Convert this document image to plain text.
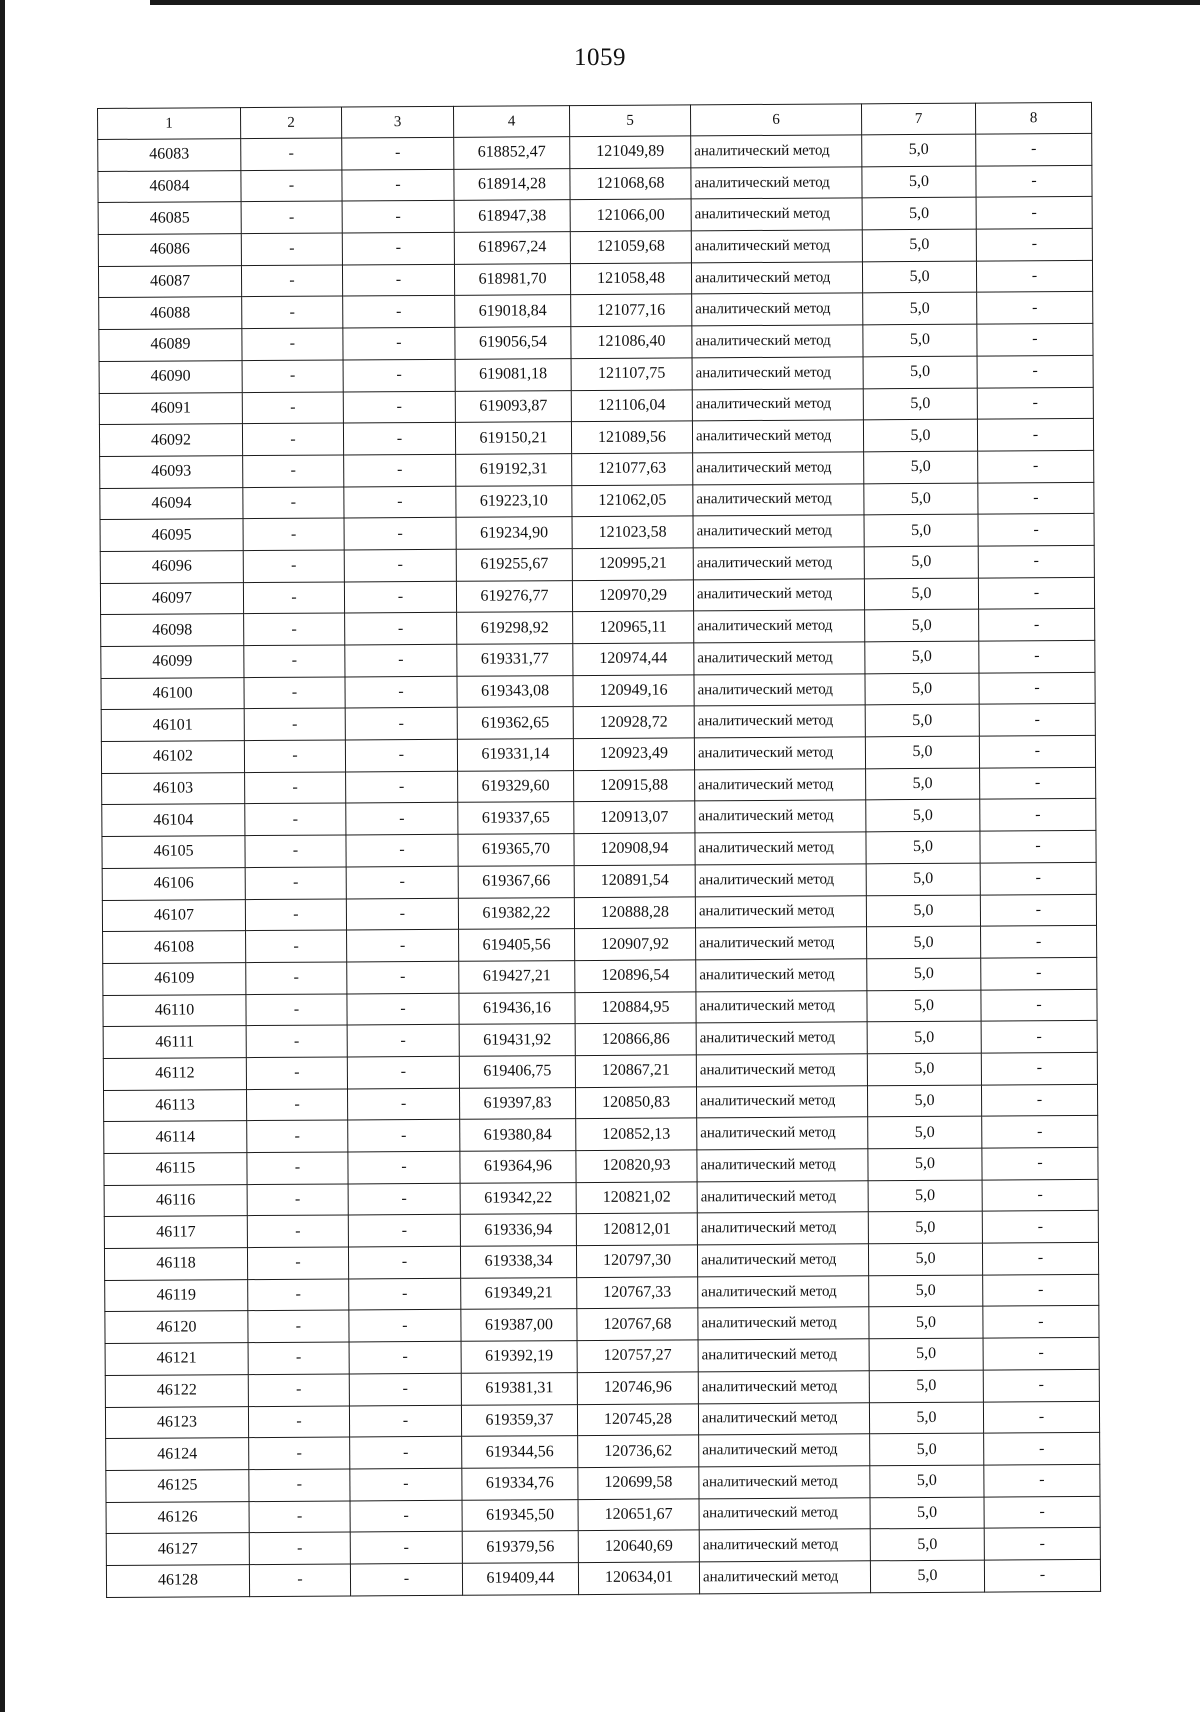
1059
1	2	3	4	5	6	7	8
46083	-	-	618852,47	121049,89	аналитический метод	5,0	-
46084	-	-	618914,28	121068,68	аналитический метод	5,0	-
46085	-	-	618947,38	121066,00	аналитический метод	5,0	-
46086	-	-	618967,24	121059,68	аналитический метод	5,0	-
46087	-	-	618981,70	121058,48	аналитический метод	5,0	-
46088	-	-	619018,84	121077,16	аналитический метод	5,0	-
46089	-	-	619056,54	121086,40	аналитический метод	5,0	-
46090	-	-	619081,18	121107,75	аналитический метод	5,0	-
46091	-	-	619093,87	121106,04	аналитический метод	5,0	-
46092	-	-	619150,21	121089,56	аналитический метод	5,0	-
46093	-	-	619192,31	121077,63	аналитический метод	5,0	-
46094	-	-	619223,10	121062,05	аналитический метод	5,0	-
46095	-	-	619234,90	121023,58	аналитический метод	5,0	-
46096	-	-	619255,67	120995,21	аналитический метод	5,0	-
46097	-	-	619276,77	120970,29	аналитический метод	5,0	-
46098	-	-	619298,92	120965,11	аналитический метод	5,0	-
46099	-	-	619331,77	120974,44	аналитический метод	5,0	-
46100	-	-	619343,08	120949,16	аналитический метод	5,0	-
46101	-	-	619362,65	120928,72	аналитический метод	5,0	-
46102	-	-	619331,14	120923,49	аналитический метод	5,0	-
46103	-	-	619329,60	120915,88	аналитический метод	5,0	-
46104	-	-	619337,65	120913,07	аналитический метод	5,0	-
46105	-	-	619365,70	120908,94	аналитический метод	5,0	-
46106	-	-	619367,66	120891,54	аналитический метод	5,0	-
46107	-	-	619382,22	120888,28	аналитический метод	5,0	-
46108	-	-	619405,56	120907,92	аналитический метод	5,0	-
46109	-	-	619427,21	120896,54	аналитический метод	5,0	-
46110	-	-	619436,16	120884,95	аналитический метод	5,0	-
46111	-	-	619431,92	120866,86	аналитический метод	5,0	-
46112	-	-	619406,75	120867,21	аналитический метод	5,0	-
46113	-	-	619397,83	120850,83	аналитический метод	5,0	-
46114	-	-	619380,84	120852,13	аналитический метод	5,0	-
46115	-	-	619364,96	120820,93	аналитический метод	5,0	-
46116	-	-	619342,22	120821,02	аналитический метод	5,0	-
46117	-	-	619336,94	120812,01	аналитический метод	5,0	-
46118	-	-	619338,34	120797,30	аналитический метод	5,0	-
46119	-	-	619349,21	120767,33	аналитический метод	5,0	-
46120	-	-	619387,00	120767,68	аналитический метод	5,0	-
46121	-	-	619392,19	120757,27	аналитический метод	5,0	-
46122	-	-	619381,31	120746,96	аналитический метод	5,0	-
46123	-	-	619359,37	120745,28	аналитический метод	5,0	-
46124	-	-	619344,56	120736,62	аналитический метод	5,0	-
46125	-	-	619334,76	120699,58	аналитический метод	5,0	-
46126	-	-	619345,50	120651,67	аналитический метод	5,0	-
46127	-	-	619379,56	120640,69	аналитический метод	5,0	-
46128	-	-	619409,44	120634,01	аналитический метод	5,0	-
